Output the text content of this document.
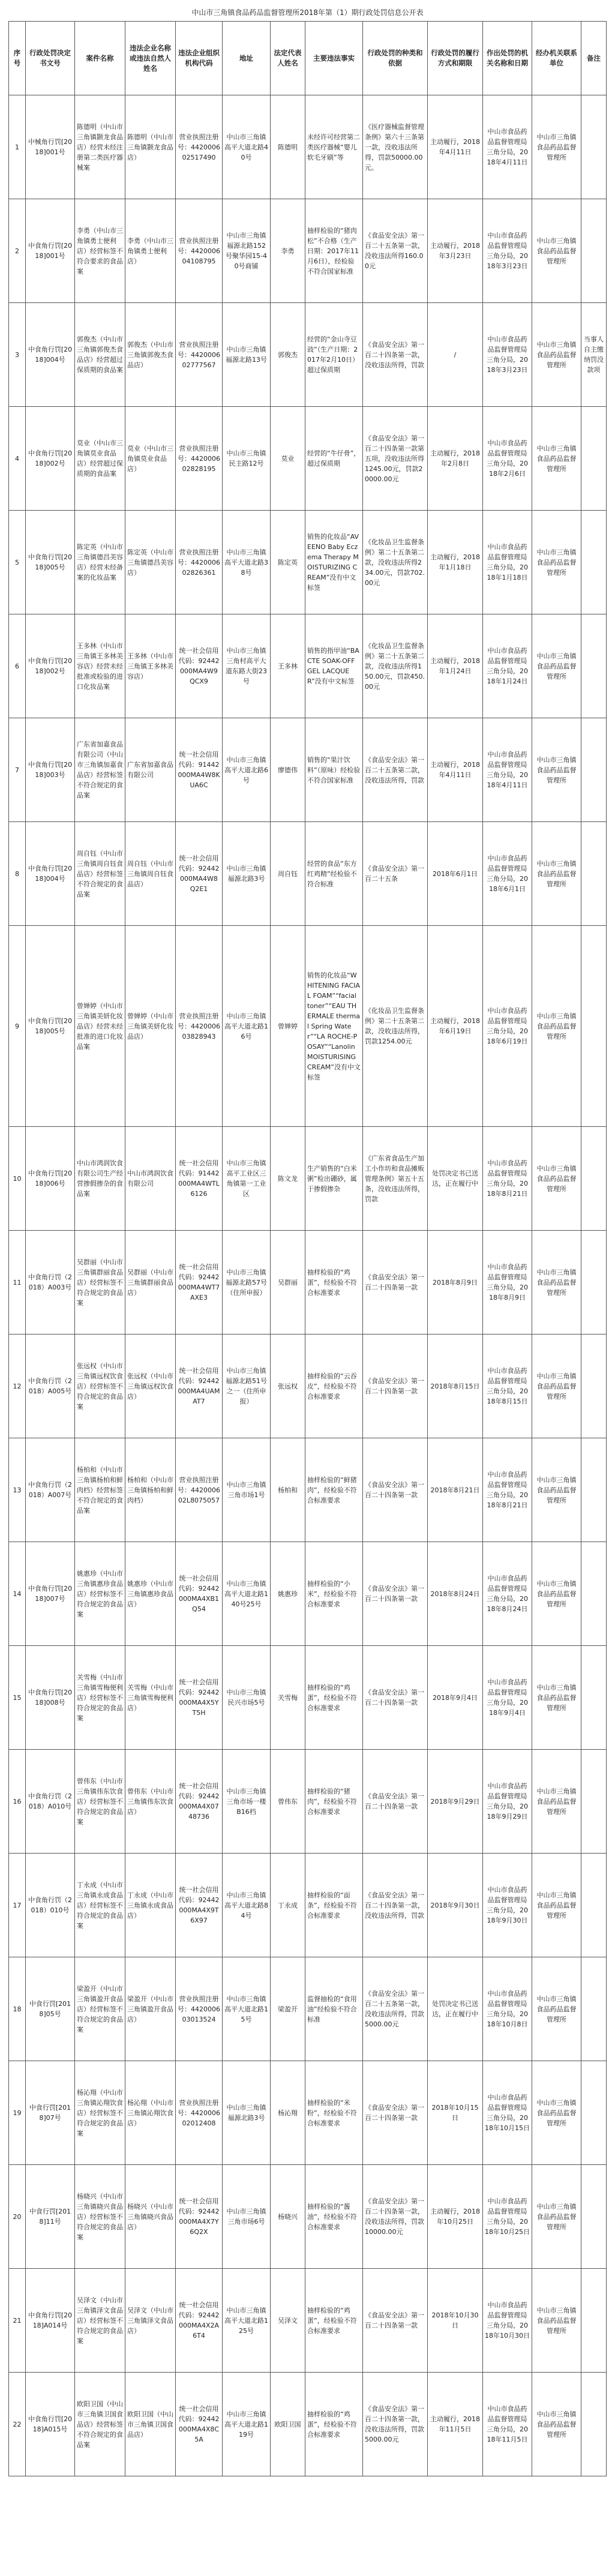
中山市三角镇食品药品监督管理所2018年第（1）期行政处罚信息公开表
序号	行政处罚决定书文号	案件名称	违法企业名称或违法自然人姓名	违法企业组织机构代码	地址	法定代表人姓名	主要违法事实	行政处罚的种类和依据	行政处罚的履行方式和期限	作出处罚的机关名称和日期	经办机关联系单位	备注
1	中械角行罚[2018]001号	陈德明（中山市三角镇颢龙食品店）经营未经注册第二类医疗器械案	陈德明（中山市三角镇颢龙食品店）	营业执照注册号：442000602517490	中山市三角镇高平大道北路40号	陈德明	未经许可经营第二类医疗器械“婴儿软毛牙刷”等	《医疗器械监督管理条例》第六十三条第一款，没收违法所得，罚款50000.00元。	主动履行，2018年4月11日	中山市食品药品监督管理局三角分局，2018年4月11日	中山市三角镇食品药品监督管理所	
2	中食角行罚[2018]001号	李勇（中山市三角镇勇士便利店）经营标签不符合要求的食品案	李勇（中山市三角镇勇士便利店）	营业执照注册号：442000604108795	中山市三角镇福源北路152号聚华园15-40号商铺	李勇	抽样检验的“猪肉松”不合格（生产日期：2017年11月6日），经检验不符合国家标准	《食品安全法》第一百二十五条第一款，没收违法所得160.00元	主动履行，2018年3月23日	中山市食品药品监督管理局三角分局，2018年3月23日	中山市三角镇食品药品监督管理所	
3	中食角行罚[2018]004号	郭俊杰（中山市三角镇郭俊杰食品店）经营超过保质期的食品案	郭俊杰（中山市三角镇郭俊杰食品店）	营业执照注册号：442000602777567	中山市三角镇福源北路13号	郭俊杰	经营的“金山寺豆豉”（生产日期：2017年2月10日）超过保质期	《食品安全法》第一百二十四条第一款，没收违法所得，罚款	/	中山市食品药品监督管理局三角分局，2018年3月23日	中山市三角镇食品药品监督管理所	当事人自主缴纳罚没款项
4	中食角行罚[2018]002号	莫业（中山市三角镇莫业食品店）经营超过保质期的食品案	莫业（中山市三角镇莫业食品店）	营业执照注册号：442000602828195	中山市三角镇民主路12号	莫业	经营的“牛仔骨”，超过保质期	《食品安全法》第一百二十四条第一款第五项，没收违法所得1245.00元，罚款20000.00元	主动履行，2018年2月8日	中山市食品药品监督管理局三角分局，2018年2月6日	中山市三角镇食品药品监督管理所	
5	中食角行罚[2018]005号	陈定英（中山市三角镇德昌美容店）经营未经备案的化妆品案	陈定英（中山市三角镇德昌美容店）	营业执照注册号：442000602826361	中山市三角镇高平大道北路38号	陈定英	销售的化妆品“AVEENO Baby Eczema Therapy MOISTURIZING CREAM”没有中文标签	《化妆品卫生监督条例》第二十五条第二款，没收违法所得234.00元，罚款702.00元	主动履行，2018年1月18日	中山市食品药品监督管理局三角分局，2018年1月18日	中山市三角镇食品药品监督管理所	
6	中食角行罚[2018]002号	王多林（中山市三角镇王多林美容店）经营未经批准或检验的进口化妆品案	王多林（中山市三角镇王多林美容店）	统一社会信用代码：92442000MA4W9QCX9	中山市三角镇三角村高平大道东路大街23号	王多林	销售的指甲油“BACTE SOAK-OFF GEL LACQUER”没有中文标签	《化妆品卫生监督条例》第二十五条第二款，没收违法所得150.00元，罚款450.00元	主动履行，2018年1月24日	中山市食品药品监督管理局三角分局，2018年1月24日	中山市三角镇食品药品监督管理所	
7	中食角行罚[2018]003号	广东省加嘉食品有限公司（中山市三角镇加嘉食品店）经营标签不符合规定的食品案	广东省加嘉食品有限公司	统一社会信用代码：91442000MA4W8KUA6C	中山市三角镇高平大道北路6号	廖德伟	销售的“果汁饮料”（原味）经检验不符合国家标准	《食品安全法》第一百二十五条第二款，没收违法所得，罚款	主动履行，2018年4月11日	中山市食品药品监督管理局三角分局，2018年4月11日	中山市三角镇食品药品监督管理所	
8	中食角行罚[2018]004号	周自钰（中山市三角镇周自钰食品店）经营标签不符合规定的食品案	周自钰（中山市三角镇周自钰食品店）	统一社会信用代码：92442000MA4W8Q2E1	中山市三角镇福源北路3号	周自钰	经营的食品“东方红鸡精”经检验不符合标准	《食品安全法》第一百二十五条	2018年6月1日	中山市食品药品监督管理局三角分局，2018年6月1日	中山市三角镇食品药品监督管理所	
9	中食角行罚[2018]005号	曾婵婷（中山市三角镇美妍化妆品店）经营未经批准的进口化妆品案	曾婵婷（中山市三角镇美妍化妆品店）	营业执照注册号：442000603828943	中山市三角镇高平大道北路16号	曾婵婷	销售的化妆品“WHITENING FACIAL FOAM”“facial toner”“EAU THERMALE thermal Spring Water”“LA ROCHE-POSAY”“Lanolin MOISTURISING CREAM”没有中文标签	《化妆品卫生监督条例》第二十五条第二款，没收违法所得，罚款1254.00元	主动履行，2018年6月19日	中山市食品药品监督管理局三角分局，2018年6月19日	中山市三角镇食品药品监督管理所	
10	中食角行罚[2018]006号	中山市鸿润饮食有限公司生产经营掺假掺杂的食品案	中山市鸿润饮食有限公司	统一社会信用代码：91442000MA4WTL6126	中山市三角镇高平工业区三角镇第一工业区	陈文龙	生产销售的“白米粥”检出硼砂，属于掺假掺杂	《广东省食品生产加工小作坊和食品摊贩管理条例》第五十五条，没收违法所得，罚款	处罚决定书已送达，正在履行中	中山市食品药品监督管理局三角分局，2018年8月21日	中山市三角镇食品药品监督管理所	
11	中食角行罚（2018）A003号	吴群丽（中山市三角镇群丽食品店）经营标签不符合规定的食品案	吴群丽（中山市三角镇群丽食品店）	统一社会信用代码：92442000MA4WT7AXE3	中山市三角镇福源北路57号（住所申报）	吴群丽	抽样检验的“鸡蛋”，经检验不符合标准要求	《食品安全法》第一百二十四条第一款	2018年8月9日	中山市食品药品监督管理局三角分局，2018年8月9日	中山市三角镇食品药品监督管理所	
12	中食角行罚（2018）A005号	张远权（中山市三角镇远权饮食店）经营标签不符合规定的食品案	张远权（中山市三角镇远权饮食店）	统一社会信用代码：92442000MA4UAMAT7	中山市三角镇福源北路51号之一（住所申报）	张远权	抽样检验的“云吞皮”，经检验不符合标准要求	《食品安全法》第一百二十四条第一款	2018年8月15日	中山市食品药品监督管理局三角分局，2018年8月15日	中山市三角镇食品药品监督管理所	
13	中食角行罚（2018）A007号	杨柏和（中山市三角镇杨柏和鲜肉档）经营标签不符合规定的食品案	杨柏和（中山市三角镇杨柏和鲜肉档）	营业执照注册号：442000602L8075057	中山市三角镇三角市场1号	杨柏和	抽样检验的“鲜猪肉”，经检验不符合标准要求	《食品安全法》第一百二十四条第一款	2018年8月21日	中山市食品药品监督管理局三角分局，2018年8月21日	中山市三角镇食品药品监督管理所	
14	中食角行罚[2018]007号	姚惠珍（中山市三角镇惠珍食品店）经营标签不符合规定的食品案	姚惠珍（中山市三角镇惠珍食品店）	统一社会信用代码：92442000MA4XB1Q54	中山市三角镇高平大道北路140号25号	姚惠珍	抽样检验的“小米”，经检验不符合标准要求	《食品安全法》第一百二十四条第一款	2018年8月24日	中山市食品药品监督管理局三角分局，2018年8月24日	中山市三角镇食品药品监督管理所	
15	中食角行罚[2018]008号	关雪梅（中山市三角镇雪梅便利店）经营标签不符合规定的食品案	关雪梅（中山市三角镇雪梅便利店）	统一社会信用代码：92442000MA4X5YT5H	中山市三角镇民兴市场5号	关雪梅	抽样检验的“鸡蛋”，经检验不符合标准要求	《食品安全法》第一百二十四条第一款	2018年9月4日	中山市食品药品监督管理局三角分局，2018年9月4日	中山市三角镇食品药品监督管理所	
16	中食角行罚（2018）A010号	曾伟东（中山市三角镇伟东饮食店）经营标签不符合规定的食品案	曾伟东（中山市三角镇伟东饮食店）	统一社会信用代码：92442000MA4X0748736	中山市三角镇三角市场一楼B16档	曾伟东	抽样检验的“猪肉”，经检验不符合标准要求	《食品安全法》第一百二十四条第一款	2018年9月29日	中山市食品药品监督管理局三角分局，2018年9月29日	中山市三角镇食品药品监督管理所	
17	中食角行罚（2018）010号	丁永成（中山市三角镇永成食品店）经营标签不符合规定的食品案	丁永成（中山市三角镇永成食品店）	统一社会信用代码：92442000MA4X9T6X97	中山市三角镇高平大道北路84号	丁永成	抽样检验的“面条”，经检验不符合标准要求	《食品安全法》第一百二十四条第一款，没收违法所得，罚款	2018年9月30日	中山市食品药品监督管理局三角分局，2018年9月30日	中山市三角镇食品药品监督管理所	
18	中食行罚[2018]05号	梁盈开（中山市三角镇盈开食品店）经营标签不符合规定的食品案	梁盈开（中山市三角镇盈开食品店）	营业执照注册号：442000603013524	中山市三角镇高平大道北路15号	梁盈开	监督抽检的“食用油”经检验不符合标准	《食品安全法》第一百二十五条第一款，没收违法所得，罚款5000.00元	处罚决定书已送达，正在履行中	中山市食品药品监督管理局三角分局，2018年10月8日	中山市三角镇食品药品监督管理所	
19	中食行罚[2018]07号	杨沁翔（中山市三角镇沁翔饮食店）经营标签不符合规定的食品案	杨沁翔（中山市三角镇沁翔饮食店）	营业执照注册号：442000602012408	中山市三角镇福源北路3号	杨沁翔	抽样检验的“米粉”，经检验不符合标准要求	《食品安全法》第一百二十四条第一款	2018年10月15日	中山市食品药品监督管理局三角分局，2018年10月15日	中山市三角镇食品药品监督管理所	
20	中食行罚[2018]11号	杨晓兴（中山市三角镇晓兴食品店）经营标签不符合规定的食品案	杨晓兴（中山市三角镇晓兴食品店）	统一社会信用代码：92442000MA4X7Y6Q2X	中山市三角镇三角市场6号	杨晓兴	抽样检验的“酱油”，经检验不符合标准要求	《食品安全法》第一百二十四条第一款，没收违法所得，罚款10000.00元	主动履行，2018年10月25日	中山市食品药品监督管理局三角分局，2018年10月25日	中山市三角镇食品药品监督管理所	
21	中食角行罚[2018]A014号	吴泽文（中山市三角镇泽文食品店）经营标签不符合规定的食品案	吴泽文（中山市三角镇泽文食品店）	统一社会信用代码：92442000MA4X2A6T4	中山市三角镇高平大道北路125号	吴泽文	抽样检验的“鸡蛋”，经检验不符合标准要求	《食品安全法》第一百二十四条第一款	2018年10月30日	中山市食品药品监督管理局三角分局，2018年10月30日	中山市三角镇食品药品监督管理所	
22	中食角行罚[2018]A015号	欧阳卫国（中山市三角镇卫国食品店）经营标签不符合规定的食品案	欧阳卫国（中山市三角镇卫国食品店）	统一社会信用代码：92442000MA4X8C5A	中山市三角镇高平大道北路119号	欧阳卫国	抽样检验的“鸡蛋”，经检验不符合标准要求	《食品安全法》第一百二十四条第一款，没收违法所得，罚款5000.00元	主动履行，2018年11月5日	中山市食品药品监督管理局三角分局，2018年11月5日	中山市三角镇食品药品监督管理所	
